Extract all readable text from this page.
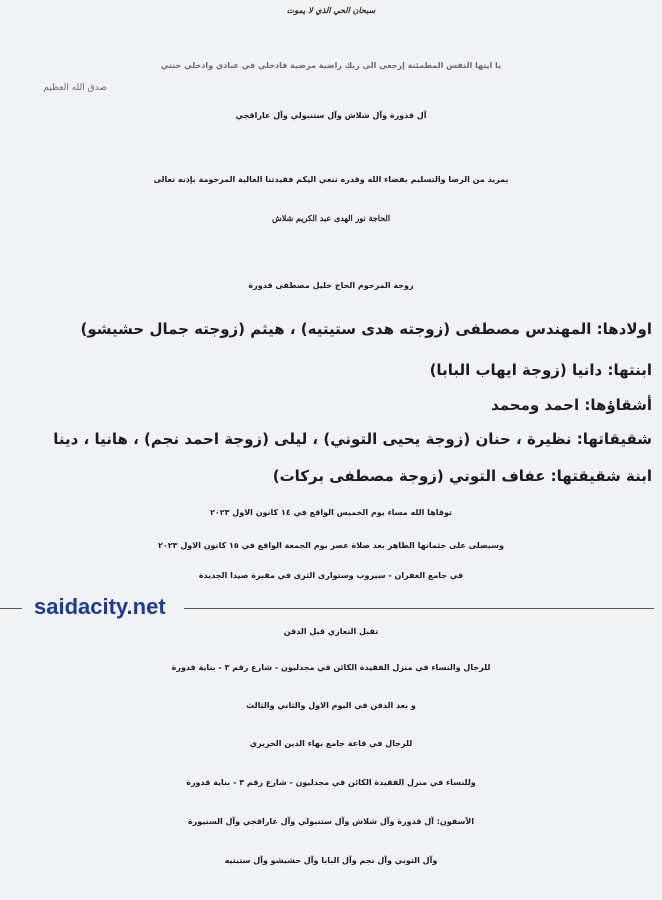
سبحان الحي الذي لا يموت
يا ايتها النفس المطمئنة إرجعي الى ربك راضية مرضية فادخلي في عبادي وادخلي جنتي
صدق الله العظيم
آل قدورة وآل شلاش وآل ستنبولي وآل عاراقجي
بمزيد من الرضا والتسليم بقضاء الله وقدره ننعي اليكم فقيدتنا الغالية المرحومة بإذنه تعالى
الحاجة نور الهدى عبد الكريم شلاش
زوجة المرحوم الحاج خليل مصطفى قدورة
اولادها: المهندس مصطفى (زوجته هدى ستيتيه) ، هيثم (زوجته جمال حشيشو)
ابنتها: دانيا (زوجة ايهاب البابا)
أشقاؤها: احمد ومحمد
شقيقاتها: نظيرة ، حنان (زوجة يحيى التوني) ، ليلى (زوجة احمد نجم) ، هانيا ، دينا
ابنة شقيقتها: عفاف التوني (زوجة مصطفى بركات)
توفاها الله مساء يوم الخميس الواقع في ١٤ كانون الاول ٢٠٢٣
وسيصلى على جثمانها الطاهر بعد صلاة عصر يوم الجمعة الواقع في ١٥ كانون الاول ٢٠٢٣
في جامع الغفران - سيروب وستوارى الثرى في مقبرة صيدا الجديدة
saidacity.net
تقبل التعازي قبل الدفن
للرجال والنساء في منزل الفقيدة الكائن في مجدليون - شارع رقم ٣ - بناية قدورة
و بعد الدفن في اليوم الاول والثاني والثالث
للرجال في قاعة جامع بهاء الدين الحريري
وللنساء في منزل الفقيدة الكائن في مجدليون - شارع رقم ٣ - بناية قدورة
الآسفون: آل قدورة وآل شلاش وآل ستنبولي وآل عاراقجي وآل السنيورة
وآل التوني وآل نجم وآل البابا وآل حشيشو وآل ستيتيه
